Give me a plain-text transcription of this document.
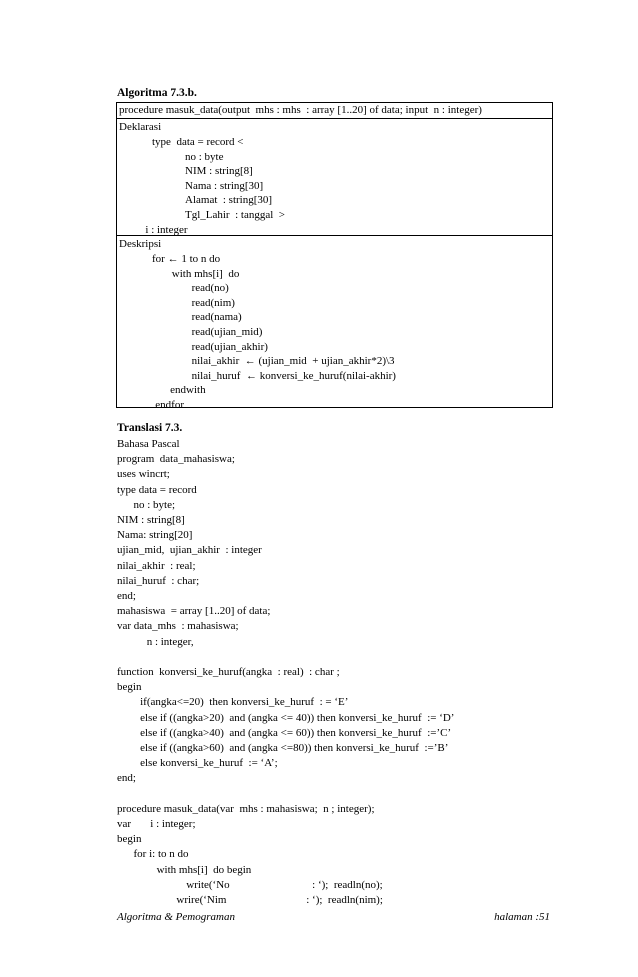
Algoritma 7.3.b.
procedure masuk_data(output  mhs : mhs  : array [1..20] of data; input  n : integer)
Deklarasi
type  data = record <
no : byte
NIM : string[8]
Nama : string[30]
Alamat  : string[30]
Tgl_Lahir  : tanggal  >
i : integer
Deskripsi
for ← 1 to n do
with mhs[i]  do
read(no)
read(nim)
read(nama)
read(ujian_mid)
read(ujian_akhir)
nilai_akhir  ← (ujian_mid  + ujian_akhir*2)\3
nilai_huruf  ← konversi_ke_huruf(nilai-akhir)
endwith
endfor
Translasi 7.3.
Bahasa Pascal
program  data_mahasiswa;
uses wincrt;
type data = record
no : byte;
NIM : string[8]
Nama: string[20]
ujian_mid,  ujian_akhir  : integer
nilai_akhir  : real;
nilai_huruf  : char;
end;
mahasiswa  = array [1..20] of data;
var data_mhs  : mahasiswa;
n : integer,
function  konversi_ke_huruf(angka  : real)  : char ;
begin
if(angka<=20)  then konversi_ke_huruf  : = ‘E’
else if ((angka>20)  and (angka <= 40)) then konversi_ke_huruf  := ‘D’
else if ((angka>40)  and (angka <= 60)) then konversi_ke_huruf  :=’C’
else if ((angka>60)  and (angka <=80)) then konversi_ke_huruf  :=’B’
else konversi_ke_huruf  := ‘A’;
end;
procedure masuk_data(var  mhs : mahasiswa;  n ; integer);
var       i : integer;
begin
for i: to n do
with mhs[i]  do begin
write(‘No                              : ‘);  readln(no);
wrire(‘Nim                             : ‘);  readln(nim);
Algoritma & Pemograman	halaman :51
